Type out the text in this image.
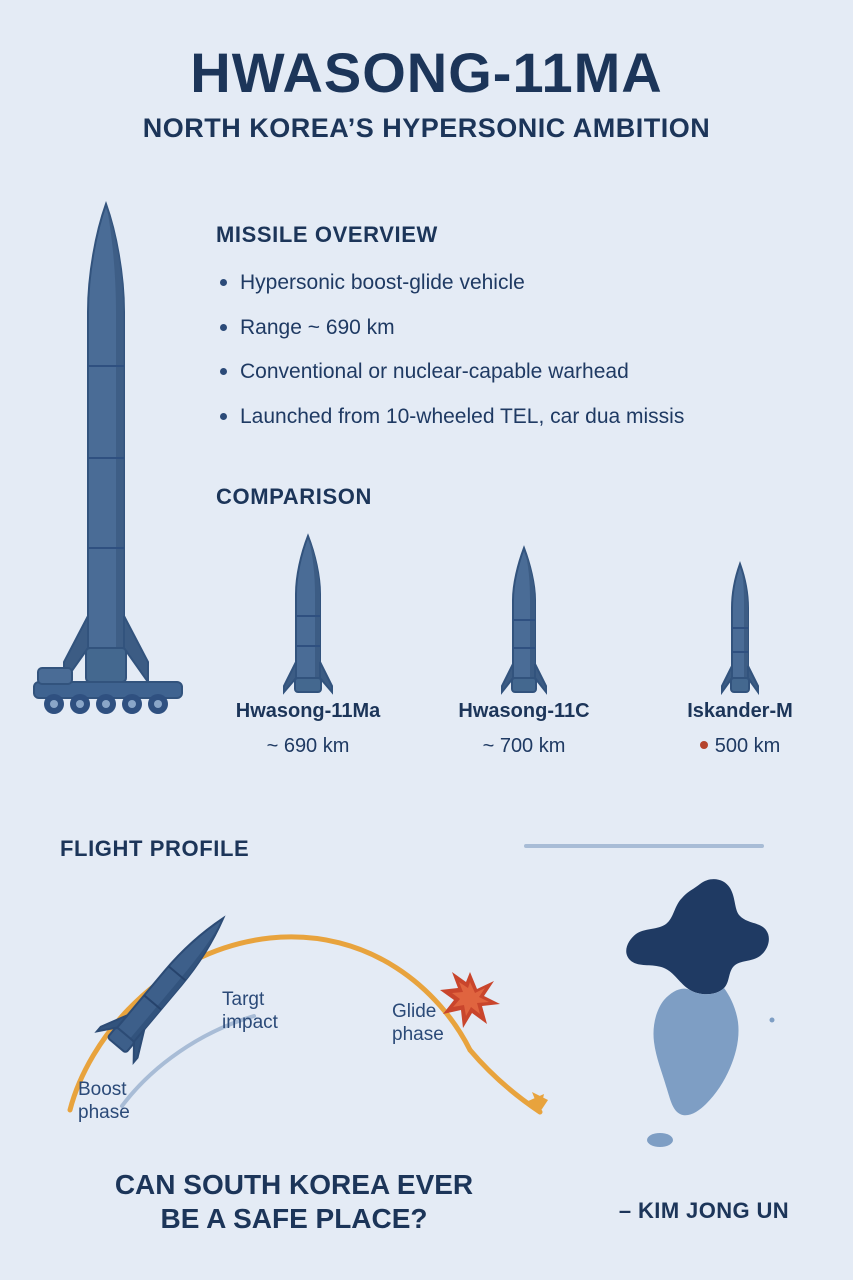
HWASONG-11MA
NORTH KOREA’S HYPERSONIC AMBITION
MISSILE OVERVIEW
Hypersonic boost-glide vehicle
Range ~ 690 km
Conventional or nuclear-capable warhead
Launched from 10-wheeled TEL, car dua missis
COMPARISON
Hwasong-11Ma
~ 690 km
Hwasong-11C
~ 700 km
Iskander-M
500 km
FLIGHT PROFILE
Boost
phase
Targt
impact
Glide
phase
CAN SOUTH KOREA EVER
BE A SAFE PLACE?	– KIM JONG UN
